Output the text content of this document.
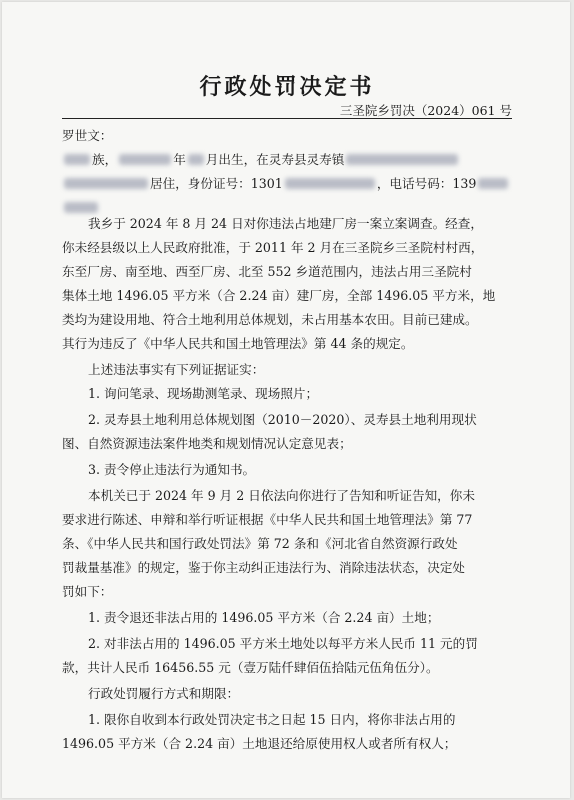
行政处罚决定书
三圣院乡罚决（2024）061 号
罗世文：
族，	年 月出生，在灵寿县灵寿镇
居住，身份证号：1301	，电话号码：139
我乡于 2024 年 8 月 24 日对你违法占地建厂房一案立案调查。经查，
你未经县级以上人民政府批准，于 2011 年 2 月在三圣院乡三圣院村村西，
东至厂房、南至地、西至厂房、北至 552 乡道范围内，违法占用三圣院村
集体土地 1496.05 平方米（合 2.24 亩）建厂房，全部 1496.05 平方米，地
类均为建设用地、符合土地利用总体规划，未占用基本农田。目前已建成。
其行为违反了《中华人民共和国土地管理法》第 44 条的规定。
上述违法事实有下列证据证实：
1. 询问笔录、现场勘测笔录、现场照片；
2. 灵寿县土地利用总体规划图（2010－2020）、灵寿县土地利用现状
图、自然资源违法案件地类和规划情况认定意见表；
3. 责令停止违法行为通知书。
本机关已于 2024 年 9 月 2 日依法向你进行了告知和听证告知，你未
要求进行陈述、申辩和举行听证根据《中华人民共和国土地管理法》第 77
条、《中华人民共和国行政处罚法》第 72 条和《河北省自然资源行政处
罚裁量基准》的规定，鉴于你主动纠正违法行为、消除违法状态，决定处
罚如下：
1. 责令退还非法占用的 1496.05 平方米（合 2.24 亩）土地；
2. 对非法占用的 1496.05 平方米土地处以每平方米人民币 11 元的罚
款，共计人民币 16456.55 元（壹万陆仟肆佰伍拾陆元伍角伍分）。
行政处罚履行方式和期限：
1. 限你自收到本行政处罚决定书之日起 15 日内，将你非法占用的
1496.05 平方米（合 2.24 亩）土地退还给原使用权人或者所有权人；
